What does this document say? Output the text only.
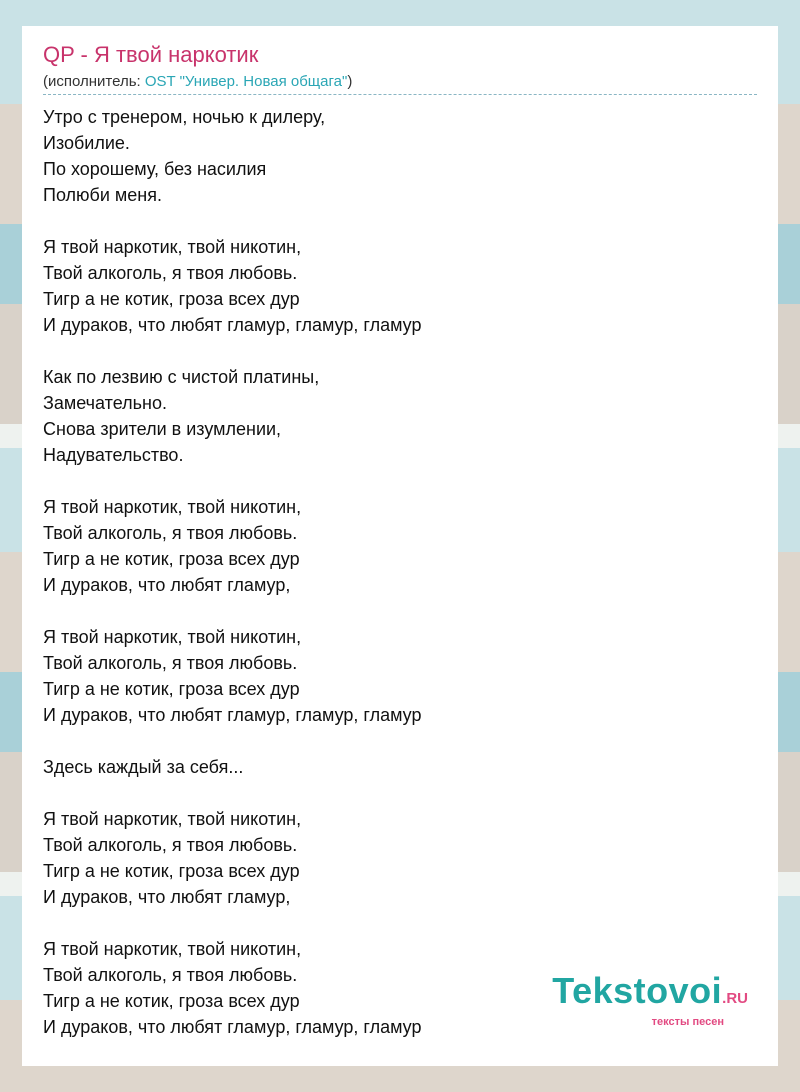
QP - Я твой наркотик
(исполнитель: OST "Универ. Новая общага")
Утро с тренером, ночью к дилеру,
Изобилие.
По хорошему, без насилия
Полюби меня.
Я твой наркотик, твой никотин,
Твой алкоголь, я твоя любовь.
Тигр а не котик, гроза всех дур
И дураков, что любят гламур, гламур, гламур
Как по лезвию с чистой платины,
Замечательно.
Снова зрители в изумлении,
Надувательство.
Я твой наркотик, твой никотин,
Твой алкоголь, я твоя любовь.
Тигр а не котик, гроза всех дур
И дураков, что любят гламур,
Я твой наркотик, твой никотин,
Твой алкоголь, я твоя любовь.
Тигр а не котик, гроза всех дур
И дураков, что любят гламур, гламур, гламур
Здесь каждый за себя...
Я твой наркотик, твой никотин,
Твой алкоголь, я твоя любовь.
Тигр а не котик, гроза всех дур
И дураков, что любят гламур,
Я твой наркотик, твой никотин,
Твой алкоголь, я твоя любовь.
Тигр а не котик, гроза всех дур
И дураков, что любят гламур, гламур, гламур
Tekstovoi.RU
тексты песен
